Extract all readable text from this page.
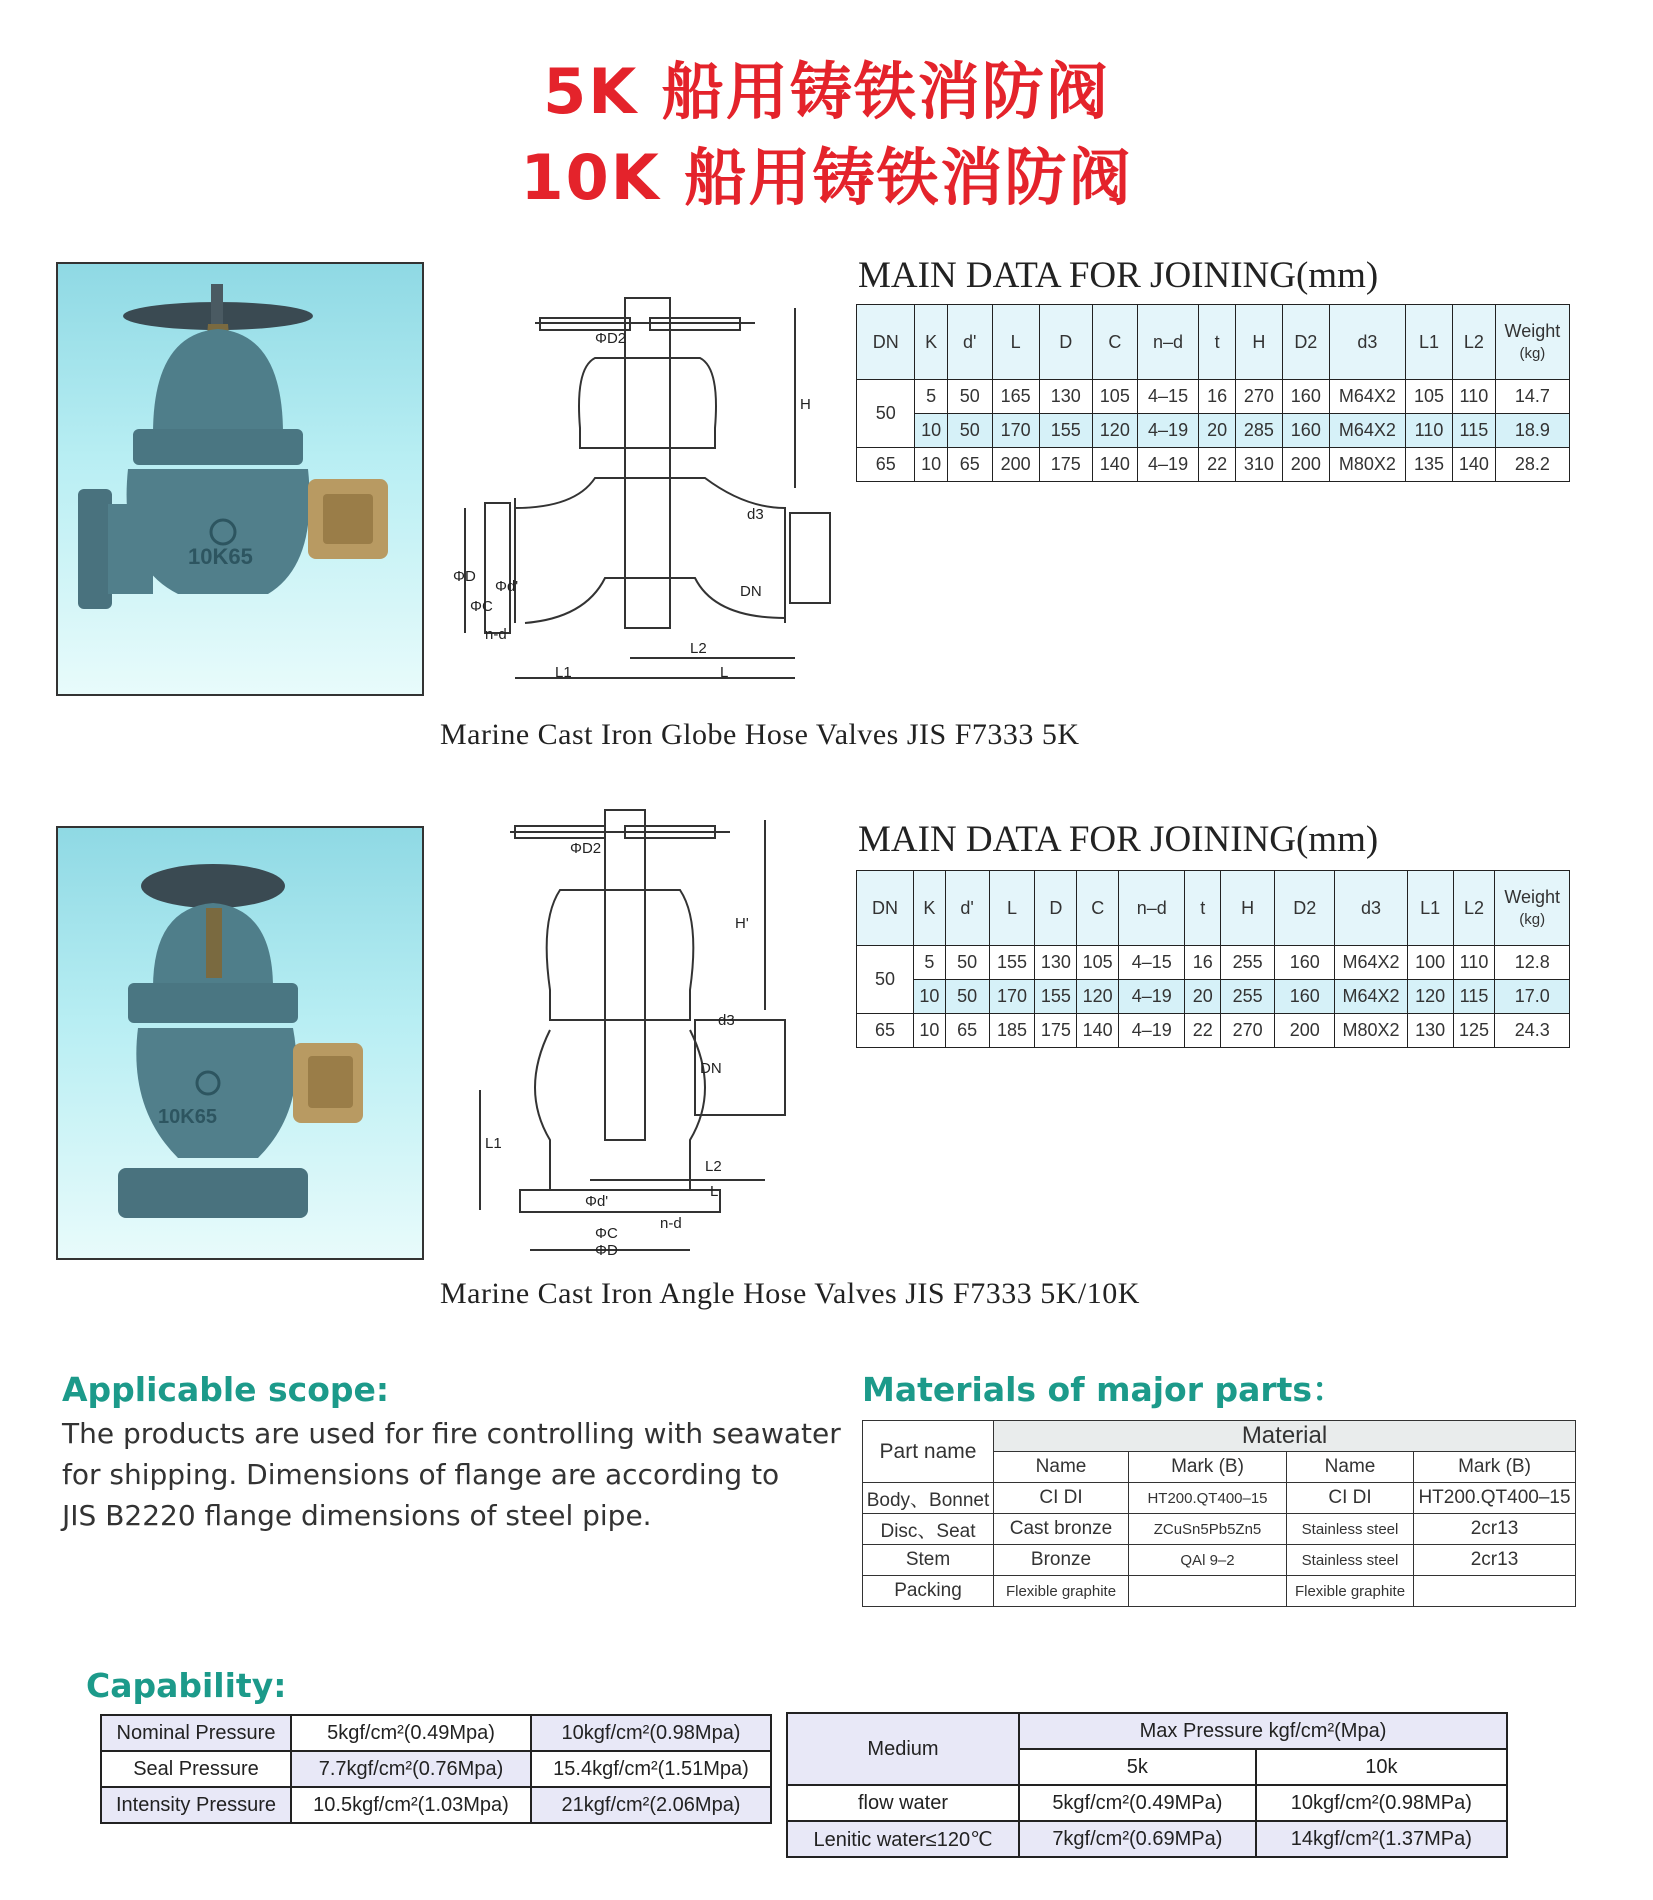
5K 船用铸铁消防阀
10K 船用铸铁消防阀
10K65
ΦD2
H
d3
ΦD
ΦC
Φd'
n-d
DN
L1
L2
L
MAIN DATA FOR JOINING(mm)
DN	K	d'	L	D	C	n–d	t	H	D2	d3	L1	L2	Weight
(kg)
50	5	50	165	130	105	4–15	16	270	160	M64X2	105	110	14.7
	10	50	170	155	120	4–19	20	285	160	M64X2	110	115	18.9
65	10	65	200	175	140	4–19	22	310	200	M80X2	135	140	28.2
Marine Cast Iron Globe Hose Valves JIS F7333 5K
10K65
ΦD2
H'
d3
ΦD
ΦC
Φd'
n-d
DN
L1
L2
L
MAIN DATA FOR JOINING(mm)
DN	K	d'	L	D	C	n–d	t	H	D2	d3	L1	L2	Weight
(kg)
50	5	50	155	130	105	4–15	16	255	160	M64X2	100	110	12.8
	10	50	170	155	120	4–19	20	255	160	M64X2	120	115	17.0
65	10	65	185	175	140	4–19	22	270	200	M80X2	130	125	24.3
Marine Cast Iron Angle Hose Valves JIS F7333 5K/10K
Applicable scope:
The products are used for fire controlling with seawater
for shipping. Dimensions of flange are according to
JIS B2220 flange dimensions of steel pipe.
Materials of major parts：
Part name	Material			
	Name	Mark (B)	Name	Mark (B)
Body、Bonnet	CI DI	HT200.QT400–15	CI DI	HT200.QT400–15
Disc、Seat	Cast bronze	ZCuSn5Pb5Zn5	Stainless steel	2cr13
Stem	Bronze	QAl 9–2	Stainless steel	2cr13
Packing	Flexible graphite		Flexible graphite	
Capability:
Nominal Pressure	5kgf/cm²(0.49Mpa)	10kgf/cm²(0.98Mpa)
Seal Pressure	7.7kgf/cm²(0.76Mpa)	15.4kgf/cm²(1.51Mpa)
Intensity Pressure	10.5kgf/cm²(1.03Mpa)	21kgf/cm²(2.06Mpa)
Medium	Max Pressure kgf/cm²(Mpa)	
	5k	10k
flow water	5kgf/cm²(0.49MPa)	10kgf/cm²(0.98MPa)
Lenitic water≤120℃	7kgf/cm²(0.69MPa)	14kgf/cm²(1.37MPa)
